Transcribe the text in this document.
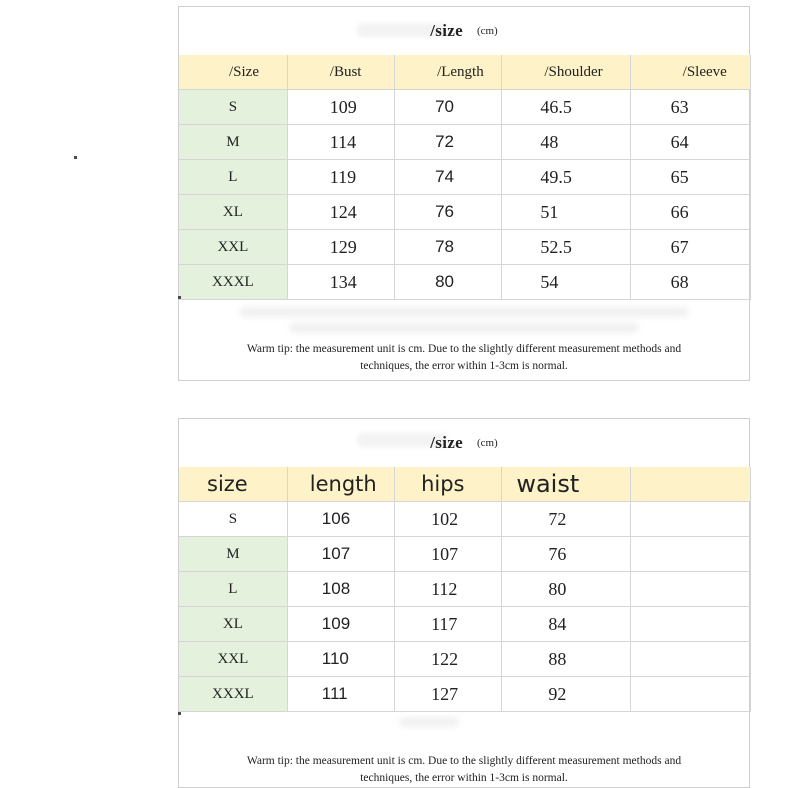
/size (cm)
/Size	/Bust	/Length	/Shoulder	/Sleeve
S	109	70	46.5	63
M	114	72	48	64
L	119	74	49.5	65
XL	124	76	51	66
XXL	129	78	52.5	67
XXXL	134	80	54	68
Warm tip: the measurement unit is cm. Due to the slightly different measurement methods and
techniques, the error within 1-3cm is normal.
/size (cm)
size	length	hips	waist	
S	106	102	72	
M	107	107	76	
L	108	112	80	
XL	109	117	84	
XXL	110	122	88	
XXXL	111	127	92	
Warm tip: the measurement unit is cm. Due to the slightly different measurement methods and
techniques, the error within 1-3cm is normal.
